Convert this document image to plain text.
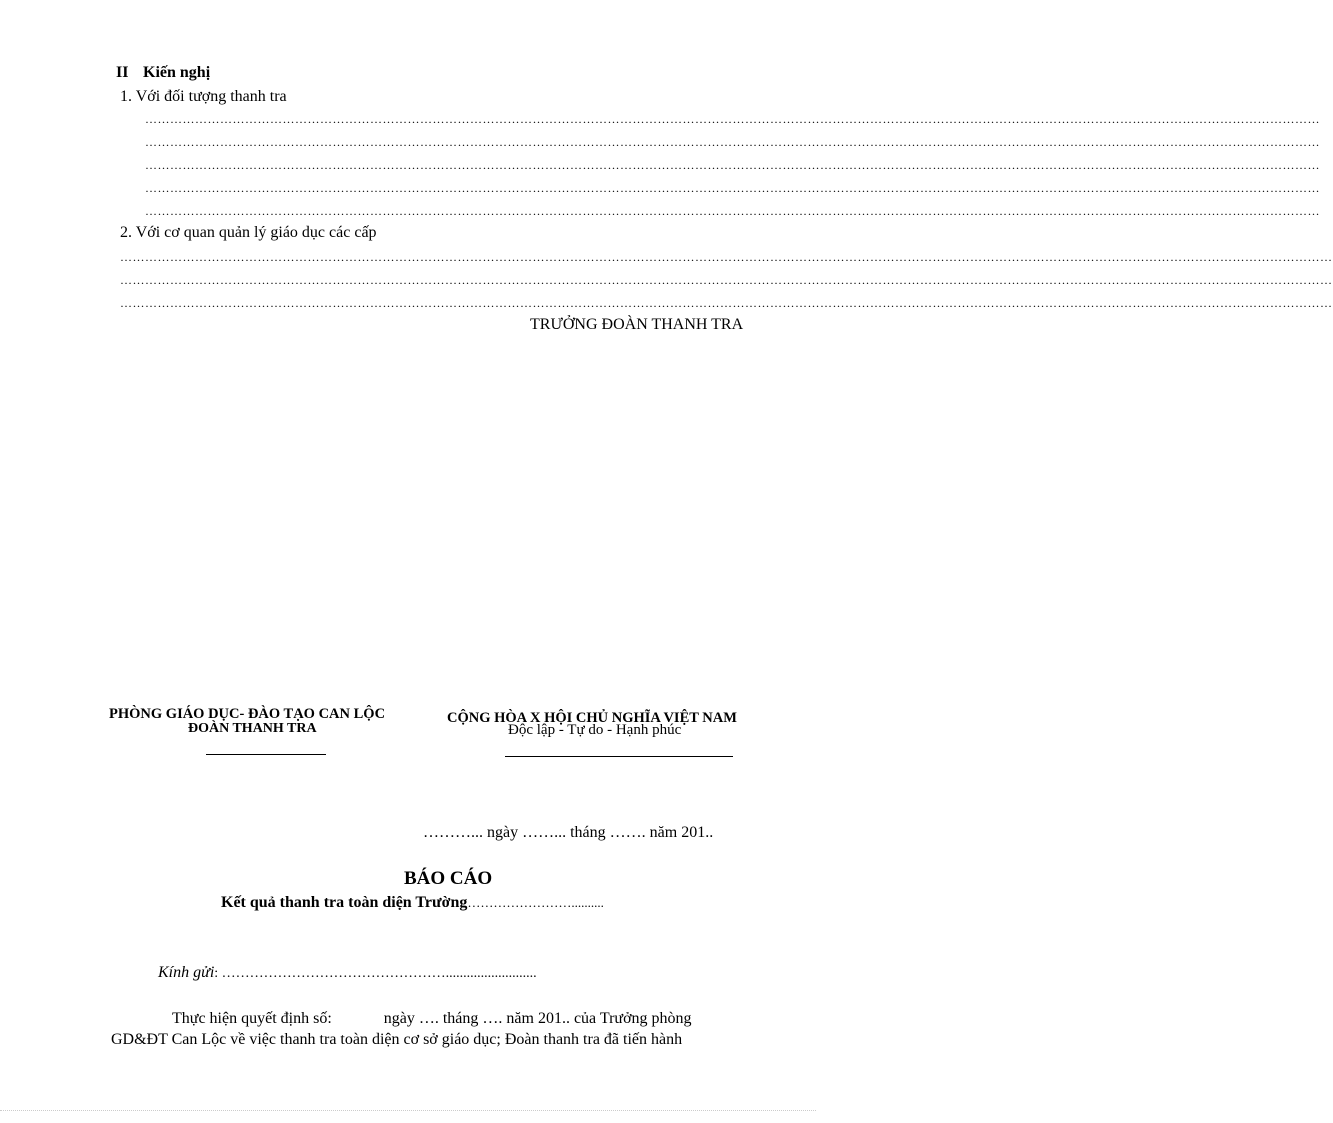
II Kiến nghị
1. Với đối tượng thanh tra
…………………………………………………………………………………………………………………………………………………………………………………………………………………………………………………………
…………………………………………………………………………………………………………………………………………………………………………………………………………………………………………………………
…………………………………………………………………………………………………………………………………………………………………………………………………………………………………………………………
…………………………………………………………………………………………………………………………………………………………………………………………………………………………………………………………
…………………………………………………………………………………………………………………………………………………………………………………………………………………………………………………………
2. Với cơ quan quản lý giáo dục các cấp
…………………………………………………………………………………………………………………………………………………………………………………………………………………………………………………………………
…………………………………………………………………………………………………………………………………………………………………………………………………………………………………………………………………
…………………………………………………………………………………………………………………………………………………………………………………………………………………………………………………………………
TRƯỞNG ĐOÀN THANH TRA
PHÒNG GIÁO DỤC- ĐÀO TẠO CAN LỘC
ĐOÀN THANH TRA
CỘNG HÒA X HỘI CHỦ NGHĨA VIỆT NAM
Độc lập - Tự do - Hạnh phúc
………... ngày ……... tháng ……. năm 201..
BÁO CÁO
Kết quả thanh tra toàn diện Trường……………………..........
Kính gửi: …………………………………………..........................
Thực hiện quyết định số:             ngày …. tháng …. năm 201.. của Trưởng phòng
GD&ĐT Can Lộc về việc thanh tra toàn diện cơ sở giáo dục; Đoàn thanh tra đã tiến hành
